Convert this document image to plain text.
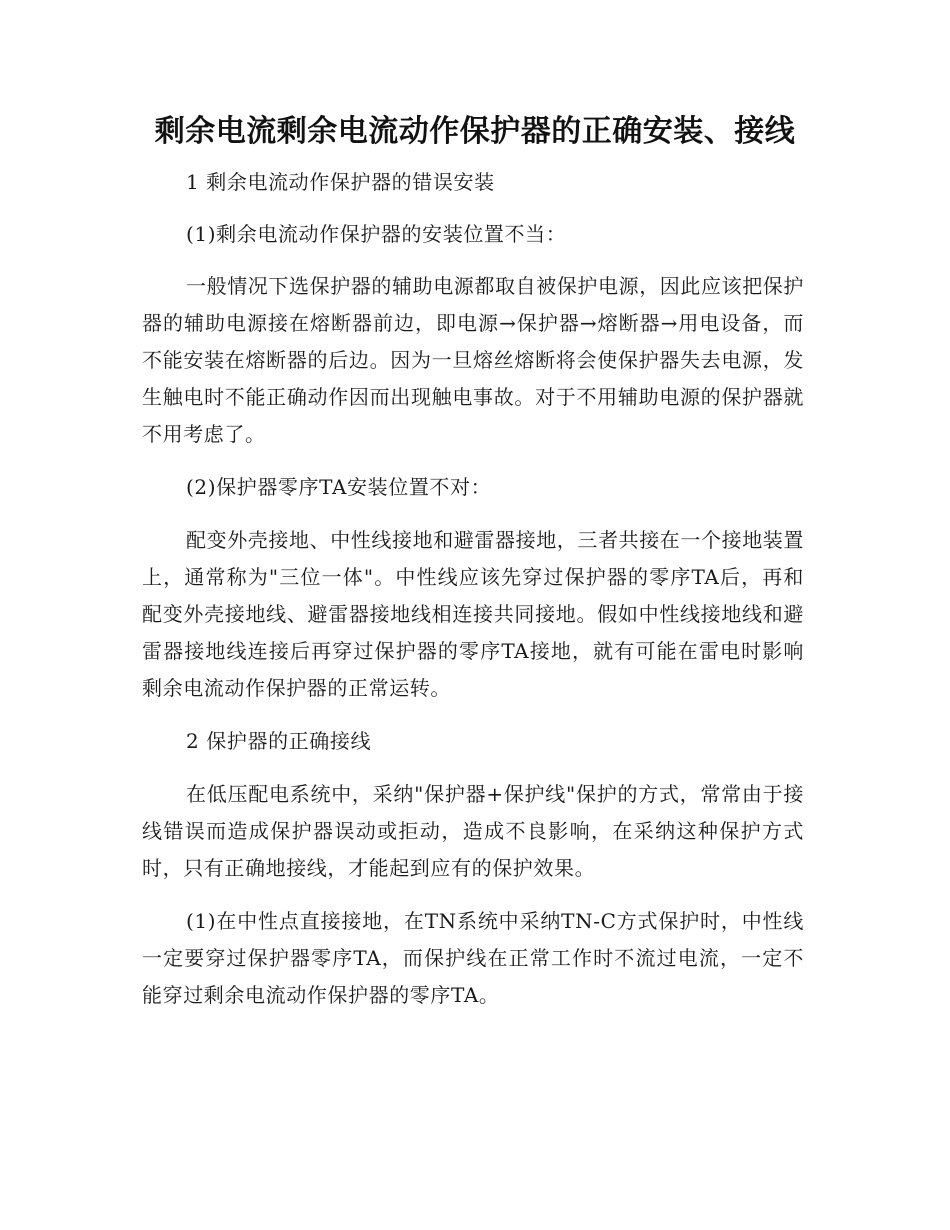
剩余电流剩余电流动作保护器的正确安装、接线

1 剩余电流动作保护器的错误安装

(1)剩余电流动作保护器的安装位置不当：

一般情况下选保护器的辅助电源都取自被保护电源，因此应该把保护器的辅助电源接在熔断器前边，即电源→保护器→熔断器→用电设备，而不能安装在熔断器的后边。因为一旦熔丝熔断将会使保护器失去电源，发生触电时不能正确动作因而出现触电事故。对于不用辅助电源的保护器就不用考虑了。

(2)保护器零序TA安装位置不对：

配变外壳接地、中性线接地和避雷器接地，三者共接在一个接地装置上，通常称为"三位一体"。中性线应该先穿过保护器的零序TA后，再和配变外壳接地线、避雷器接地线相连接共同接地。假如中性线接地线和避雷器接地线连接后再穿过保护器的零序TA接地，就有可能在雷电时影响剩余电流动作保护器的正常运转。

2 保护器的正确接线

在低压配电系统中，采纳"保护器+保护线"保护的方式，常常由于接线错误而造成保护器误动或拒动，造成不良影响，在采纳这种保护方式时，只有正确地接线，才能起到应有的保护效果。

(1)在中性点直接接地，在TN系统中采纳TN-C方式保护时，中性线一定要穿过保护器零序TA，而保护线在正常工作时不流过电流，一定不能穿过剩余电流动作保护器的零序TA。
